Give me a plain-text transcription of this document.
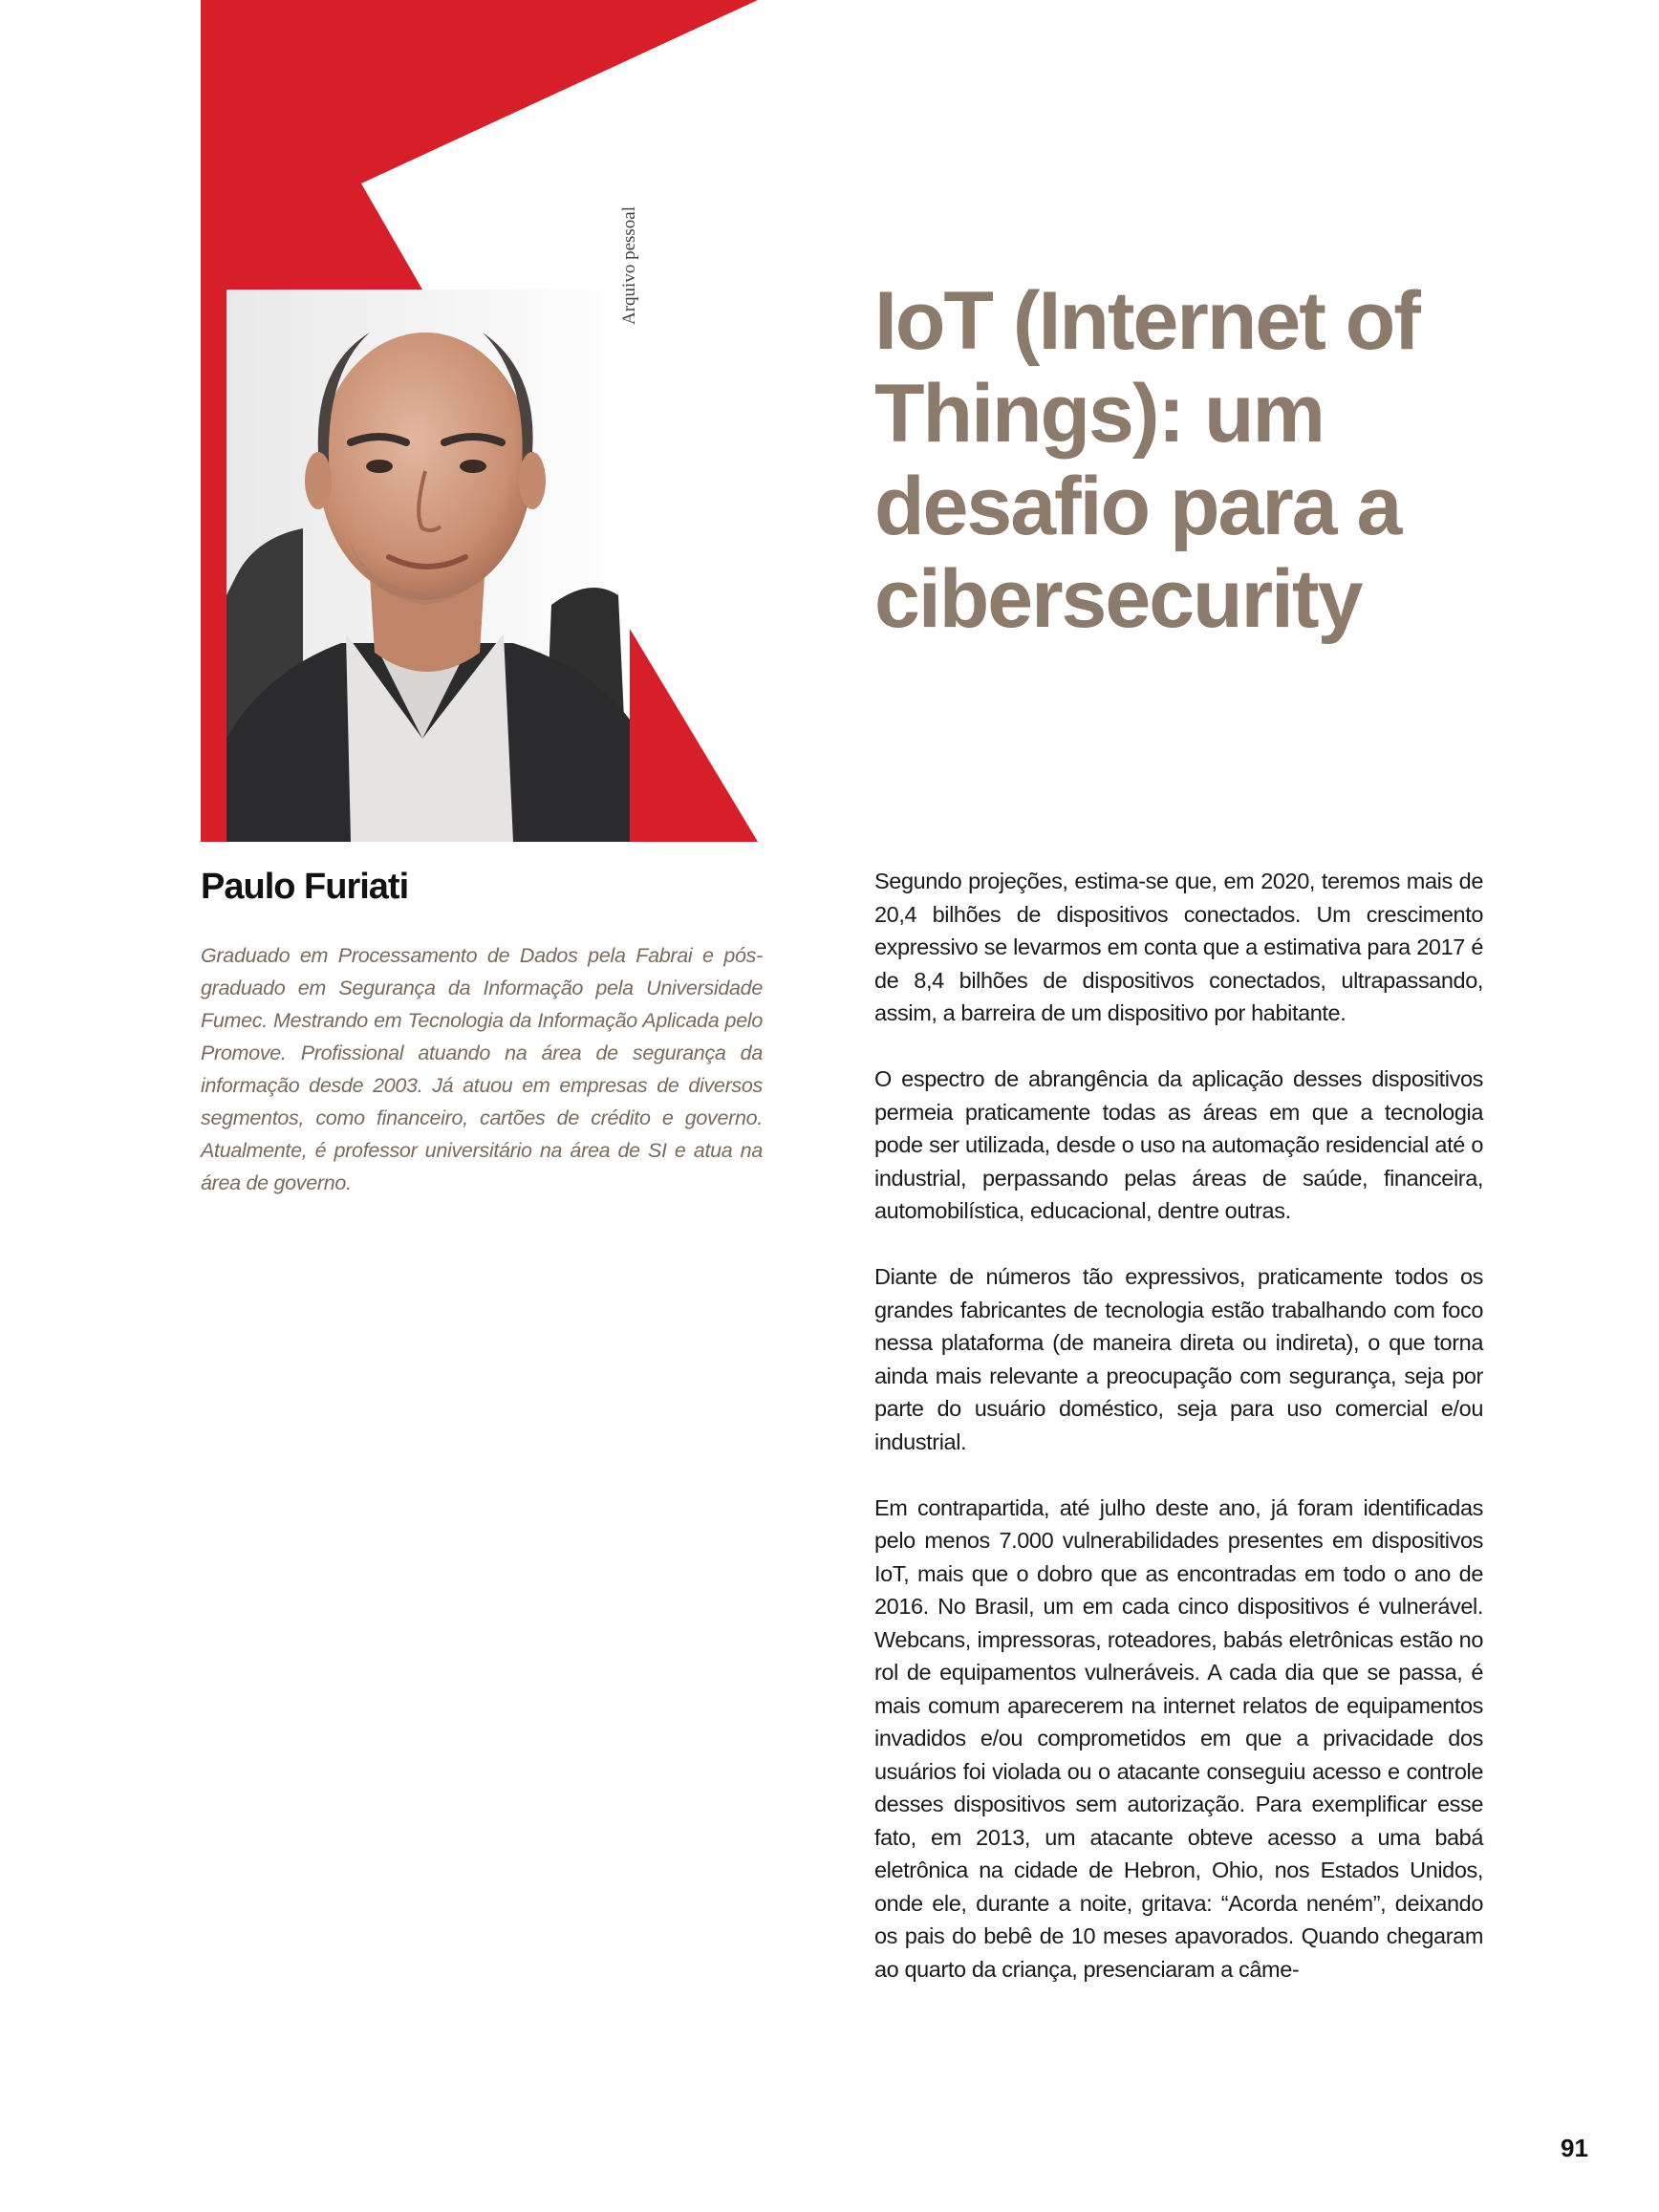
Arquivo pessoal	IoT (Internet of Things): um desafio para a cibersecurity
Paulo Furiati

Graduado em Processamento de Dados pela Fabrai e pós-graduado em Segurança da Informação pela Universidade Fumec. Mestrando em Tecnologia da Informação Aplicada pelo Promove. Profissional atuando na área de segurança da informação desde 2003. Já atuou em empresas de diversos segmentos, como financeiro, cartões de crédito e governo. Atualmente, é professor universitário na área de SI e atua na área de governo.

Segundo projeções, estima-se que, em 2020, teremos mais de 20,4 bilhões de dispositivos conectados. Um crescimento expressivo se levarmos em conta que a estimativa para 2017 é de 8,4 bilhões de dispositivos conectados, ultrapassando, assim, a barreira de um dispositivo por habitante.

O espectro de abrangência da aplicação desses dispositivos permeia praticamente todas as áreas em que a tecnologia pode ser utilizada, desde o uso na automação residencial até o industrial, perpassando pelas áreas de saúde, financeira, automobilística, educacional, dentre outras.

Diante de números tão expressivos, praticamente todos os grandes fabricantes de tecnologia estão trabalhando com foco nessa plataforma (de maneira direta ou indireta), o que torna ainda mais relevante a preocupação com segurança, seja por parte do usuário doméstico, seja para uso comercial e/ou industrial.

Em contrapartida, até julho deste ano, já foram identificadas pelo menos 7.000 vulnerabilidades presentes em dispositivos IoT, mais que o dobro que as encontradas em todo o ano de 2016. No Brasil, um em cada cinco dispositivos é vulnerável. Webcans, impressoras, roteadores, babás eletrônicas estão no rol de equipamentos vulneráveis. A cada dia que se passa, é mais comum aparecerem na internet relatos de equipamentos invadidos e/ou comprometidos em que a privacidade dos usuários foi violada ou o atacante conseguiu acesso e controle desses dispositivos sem autorização. Para exemplificar esse fato, em 2013, um atacante obteve acesso a uma babá eletrônica na cidade de Hebron, Ohio, nos Estados Unidos, onde ele, durante a noite, gritava: “Acorda neném”, deixando os pais do bebê de 10 meses apavorados. Quando chegaram ao quarto da criança, presenciaram a câme-

91
